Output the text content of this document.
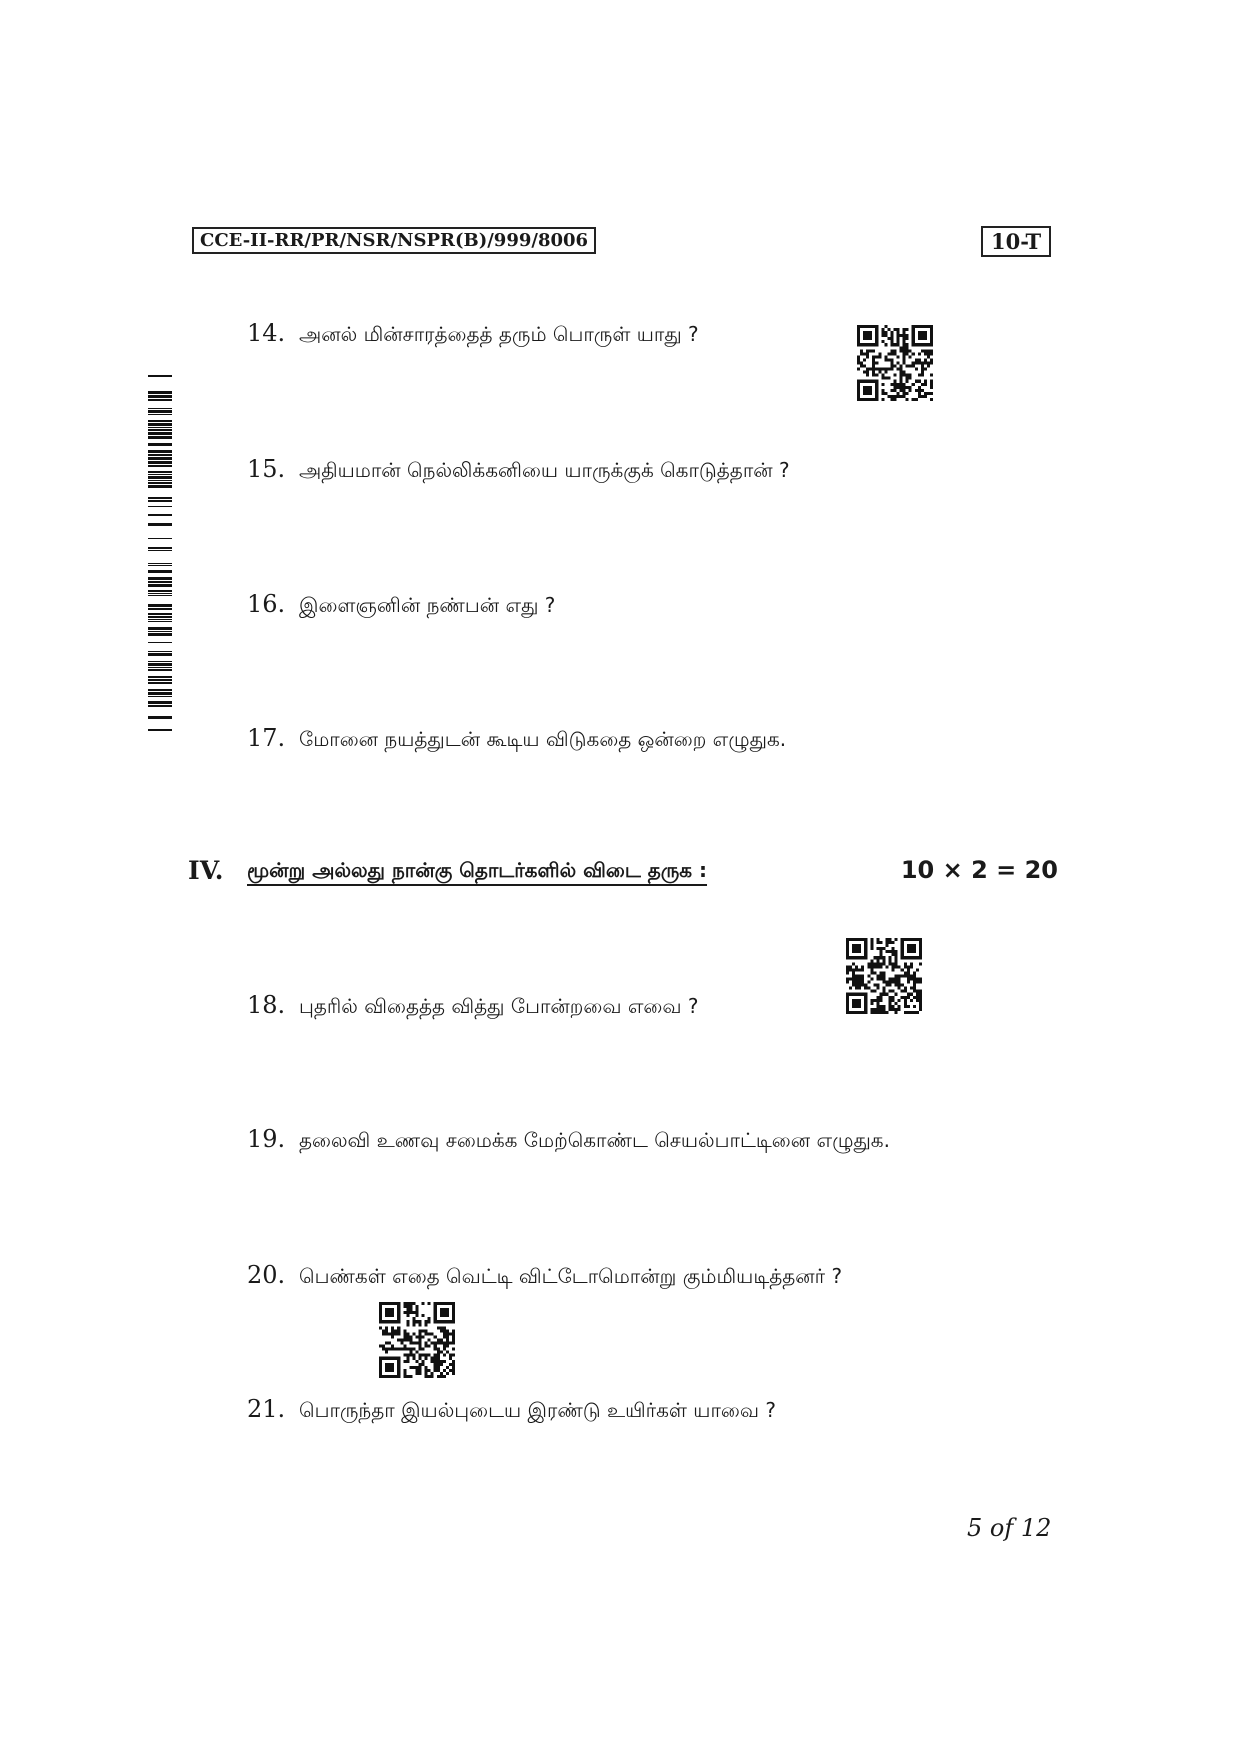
CCE-II-RR/PR/NSR/NSPR(B)/999/8006	10-T
14. அனல் மின்சாரத்தைத் தரும் பொருள் யாது ?
15. அதியமான் நெல்லிக்கனியை யாருக்குக் கொடுத்தான் ?
16. இளைஞனின் நண்பன் எது ?
17. மோனை நயத்துடன் கூடிய விடுகதை ஒன்றை எழுதுக.
IV. மூன்று அல்லது நான்கு தொடர்களில் விடை தருக :	10 × 2 = 20
18. புதரில் விதைத்த வித்து போன்றவை எவை ?
19. தலைவி உணவு சமைக்க மேற்கொண்ட செயல்பாட்டினை எழுதுக.
20. பெண்கள் எதை வெட்டி விட்டோமொன்று கும்மியடித்தனர் ?
21. பொருந்தா இயல்புடைய இரண்டு உயிர்கள் யாவை ?
5 of 12
